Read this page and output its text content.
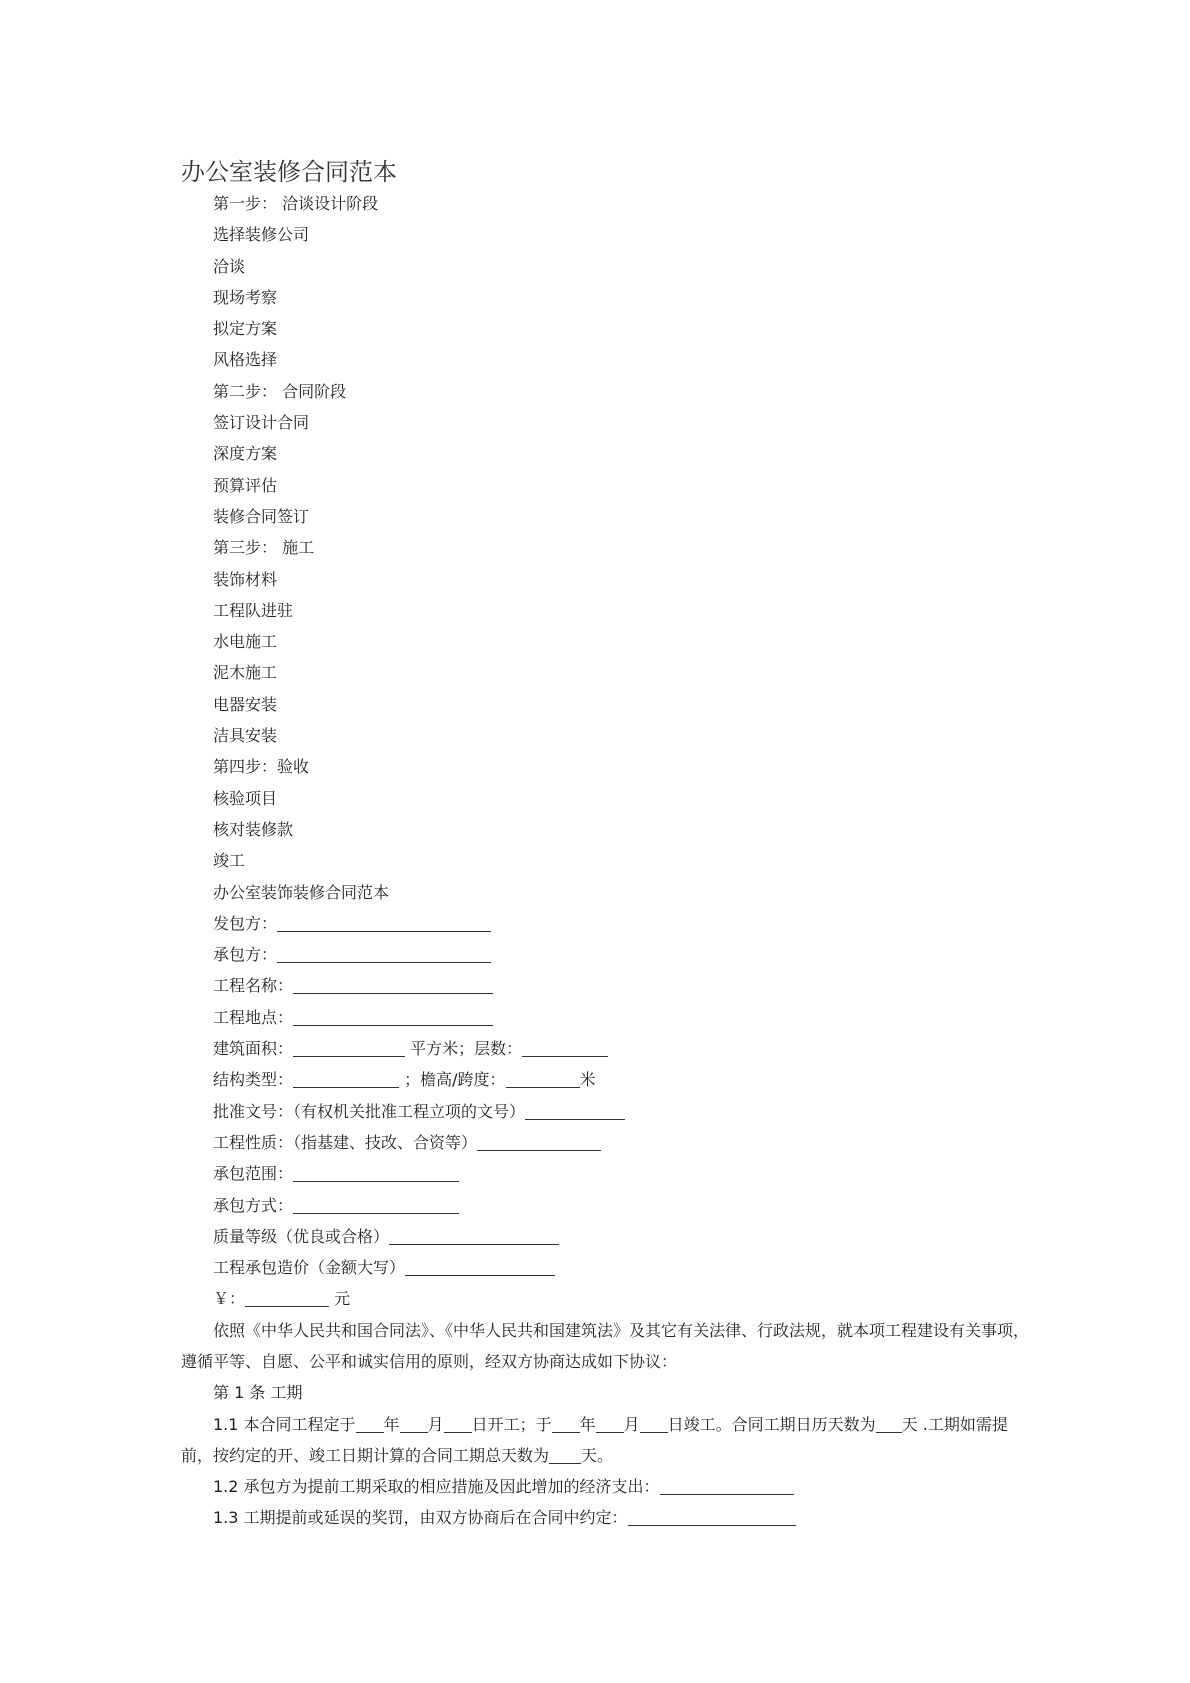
办公室装修合同范本
第一步： 洽谈设计阶段
选择装修公司
洽谈
现场考察
拟定方案
风格选择
第二步： 合同阶段
签订设计合同
深度方案
预算评估
装修合同签订
第三步： 施工
装饰材料
工程队进驻
水电施工
泥木施工
电器安装
洁具安装
第四步：验收
核验项目
核对装修款
竣工
办公室装饰装修合同范本
发包方：
承包方：
工程名称：
工程地点：
建筑面积：	平方米；层数：
结构类型：	；檐高/跨度：	米
批准文号：（有权机关批准工程立项的文号）
工程性质：（指基建、技改、合资等）
承包范围：
承包方式：
质量等级（优良或合格）
工程承包造价（金额大写）
￥：	元
依照《中华人民共和国合同法》、《中华人民共和国建筑法》及其它有关法律、行政法规，就本项工程建设有关事项，
遵循平等、自愿、公平和诚实信用的原则，经双方协商达成如下协议：
第 1 条 工期
1.1 本合同工程定于 年 月 日开工；于 年 月 日竣工。合同工期日历天数为 天 .工期如需提
前，按约定的开、竣工日期计算的合同工期总天数为 天。
1.2 承包方为提前工期采取的相应措施及因此增加的经济支出：
1.3 工期提前或延误的奖罚，由双方协商后在合同中约定：
